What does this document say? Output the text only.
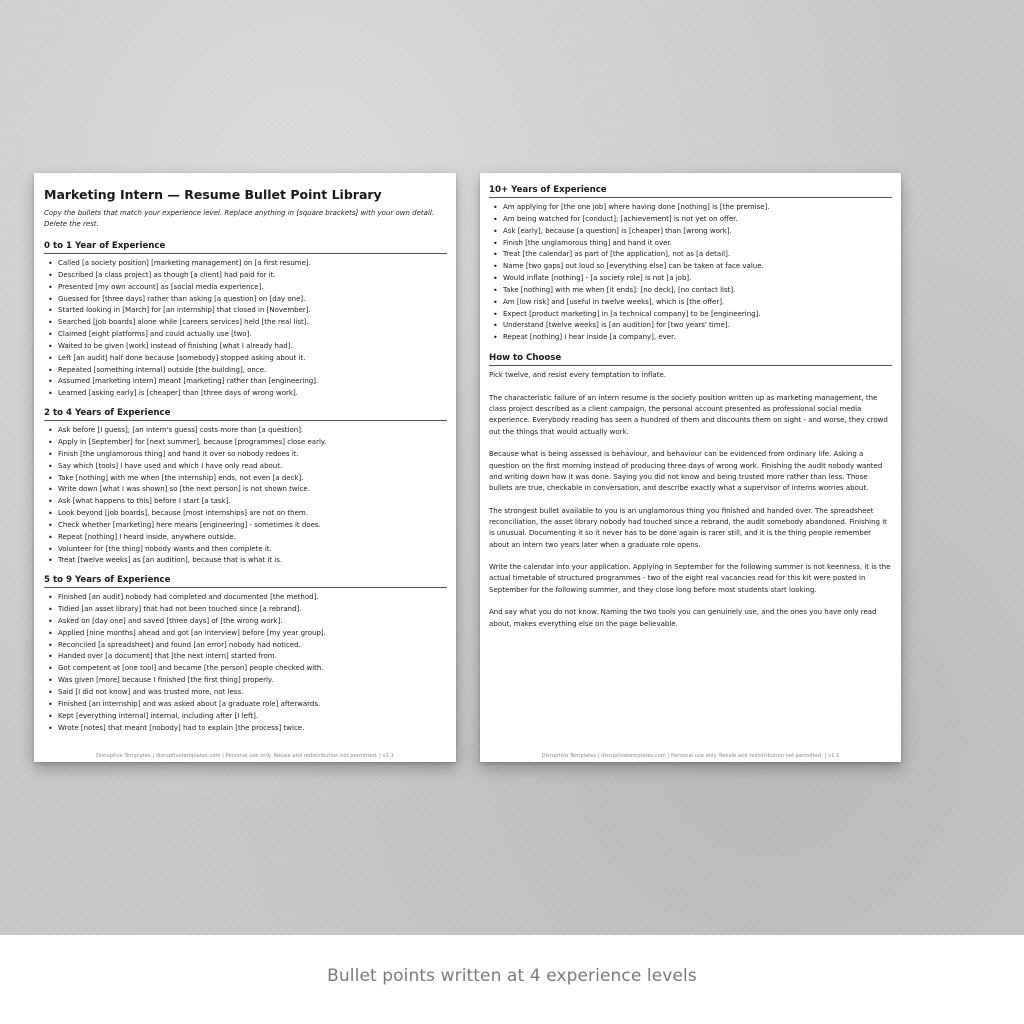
Marketing Intern — Resume Bullet Point Library
Copy the bullets that match your experience level. Replace anything in [square brackets] with your own detail. Delete the rest.
0 to 1 Year of Experience
• Called [a society position] [marketing management] on [a first resume].
• Described [a class project] as though [a client] had paid for it.
• Presented [my own account] as [social media experience].
• Guessed for [three days] rather than asking [a question] on [day one].
• Started looking in [March] for [an internship] that closed in [November].
• Searched [job boards] alone while [careers services] held [the real list].
• Claimed [eight platforms] and could actually use [two].
• Waited to be given [work] instead of finishing [what I already had].
• Left [an audit] half done because [somebody] stopped asking about it.
• Repeated [something internal] outside [the building], once.
• Assumed [marketing intern] meant [marketing] rather than [engineering].
• Learned [asking early] is [cheaper] than [three days of wrong work].
2 to 4 Years of Experience
• Ask before [I guess]; [an intern's guess] costs more than [a question].
• Apply in [September] for [next summer], because [programmes] close early.
• Finish [the unglamorous thing] and hand it over so nobody redoes it.
• Say which [tools] I have used and which I have only read about.
• Take [nothing] with me when [the internship] ends, not even [a deck].
• Write down [what I was shown] so [the next person] is not shown twice.
• Ask [what happens to this] before I start [a task].
• Look beyond [job boards], because [most internships] are not on them.
• Check whether [marketing] here means [engineering] - sometimes it does.
• Repeat [nothing] I heard inside, anywhere outside.
• Volunteer for [the thing] nobody wants and then complete it.
• Treat [twelve weeks] as [an audition], because that is what it is.
5 to 9 Years of Experience
• Finished [an audit] nobody had completed and documented [the method].
• Tidied [an asset library] that had not been touched since [a rebrand].
• Asked on [day one] and saved [three days] of [the wrong work].
• Applied [nine months] ahead and got [an interview] before [my year group].
• Reconciled [a spreadsheet] and found [an error] nobody had noticed.
• Handed over [a document] that [the next intern] started from.
• Got competent at [one tool] and became [the person] people checked with.
• Was given [more] because I finished [the first thing] properly.
• Said [I did not know] and was trusted more, not less.
• Finished [an internship] and was asked about [a graduate role] afterwards.
• Kept [everything internal] internal, including after [I left].
• Wrote [notes] that meant [nobody] had to explain [the process] twice.
Disruptive Templates | disruptivetemplates.com | Personal use only. Resale and redistribution not permitted. | v1.1
10+ Years of Experience
• Am applying for [the one job] where having done [nothing] is [the premise].
• Am being watched for [conduct]; [achievement] is not yet on offer.
• Ask [early], because [a question] is [cheaper] than [wrong work].
• Finish [the unglamorous thing] and hand it over.
• Treat [the calendar] as part of [the application], not as [a detail].
• Name [two gaps] out loud so [everything else] can be taken at face value.
• Would inflate [nothing] - [a society role] is not [a job].
• Take [nothing] with me when [it ends]: [no deck], [no contact list].
• Am [low risk] and [useful in twelve weeks], which is [the offer].
• Expect [product marketing] in [a technical company] to be [engineering].
• Understand [twelve weeks] is [an audition] for [two years' time].
• Repeat [nothing] I hear inside [a company], ever.
How to Choose
Pick twelve, and resist every temptation to inflate.
The characteristic failure of an intern resume is the society position written up as marketing management, the class project described as a client campaign, the personal account presented as professional social media experience. Everybody reading has seen a hundred of them and discounts them on sight - and worse, they crowd out the things that would actually work.
Because what is being assessed is behaviour, and behaviour can be evidenced from ordinary life. Asking a question on the first morning instead of producing three days of wrong work. Finishing the audit nobody wanted and writing down how it was done. Saying you did not know and being trusted more rather than less. Those bullets are true, checkable in conversation, and describe exactly what a supervisor of interns worries about.
The strongest bullet available to you is an unglamorous thing you finished and handed over. The spreadsheet reconciliation, the asset library nobody had touched since a rebrand, the audit somebody abandoned. Finishing it is unusual. Documenting it so it never has to be done again is rarer still, and it is the thing people remember about an intern two years later when a graduate role opens.
Write the calendar into your application. Applying in September for the following summer is not keenness, it is the actual timetable of structured programmes - two of the eight real vacancies read for this kit were posted in September for the following summer, and they close long before most students start looking.
And say what you do not know. Naming the two tools you can genuinely use, and the ones you have only read about, makes everything else on the page believable.
Disruptive Templates | disruptivetemplates.com | Personal use only. Resale and redistribution not permitted. | v1.1
Bullet points written at 4 experience levels
